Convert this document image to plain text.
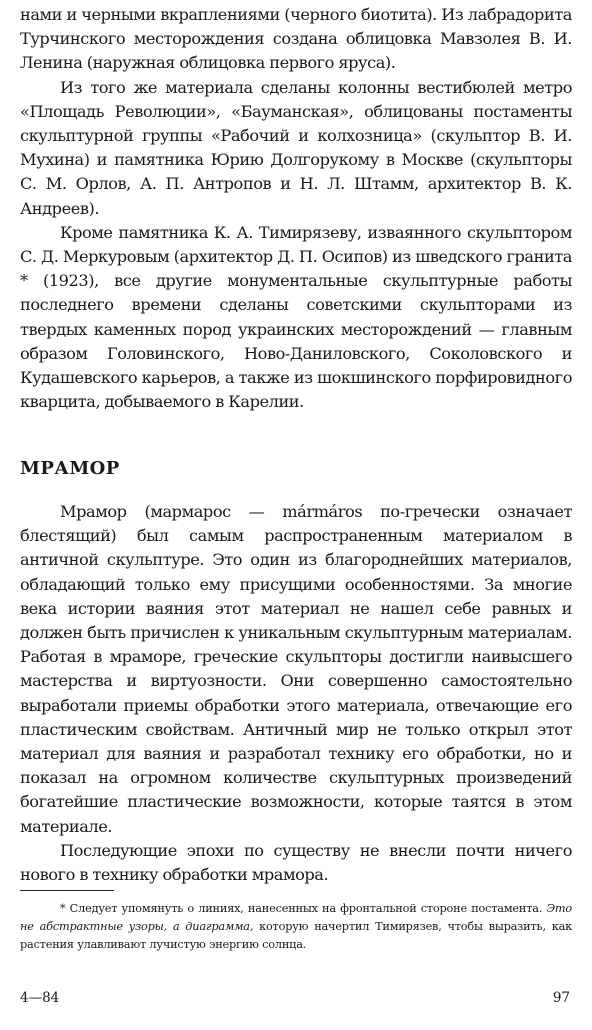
нами и черными вкраплениями (черного биотита). Из лабрадорита Турчинского месторождения создана облицовка Мавзолея В. И. Ленина (наружная облицовка первого яруса).

Из того же материала сделаны колонны вестибюлей метро «Площадь Революции», «Бауманская», облицованы постаменты скульптурной группы «Рабочий и колхозница» (скульптор В. И. Мухина) и памятника Юрию Долгорукому в Москве (скульпторы С. М. Орлов, А. П. Антропов и Н. Л. Штамм, архитектор В. К. Андреев).

Кроме памятника К. А. Тимирязеву, изваянного скульптором С. Д. Меркуровым (архитектор Д. П. Осипов) из шведского гранита * (1923), все другие монументальные скульптурные работы последнего времени сделаны советскими скульпторами из твердых каменных пород украинских месторождений — главным образом Головинского, Ново-Даниловского, Соколовского и Кудашевского карьеров, а также из шокшинского порфировидного кварцита, добываемого в Карелии.

МРАМОР

Мрамор (мармарос — mármáros по-гречески означает блестящий) был самым распространенным материалом в античной скульптуре. Это один из благороднейших материалов, обладающий только ему присущими особенностями. За многие века истории ваяния этот материал не нашел себе равных и должен быть причислен к уникальным скульптурным материалам. Работая в мраморе, греческие скульпторы достигли наивысшего мастерства и виртуозности. Они совершенно самостоятельно выработали приемы обработки этого материала, отвечающие его пластическим свойствам. Античный мир не только открыл этот материал для ваяния и разработал технику его обработки, но и показал на огромном количестве скульптурных произведений богатейшие пластические возможности, которые таятся в этом материале.

Последующие эпохи по существу не внесли почти ничего нового в технику обработки мрамора.

* Следует упомянуть о линиях, нанесенных на фронтальной стороне постамента. Это не абстрактные узоры, а диаграмма, которую начертил Тимирязев, чтобы выразить, как растения улавливают лучистую энергию солнца.

4—84	97
